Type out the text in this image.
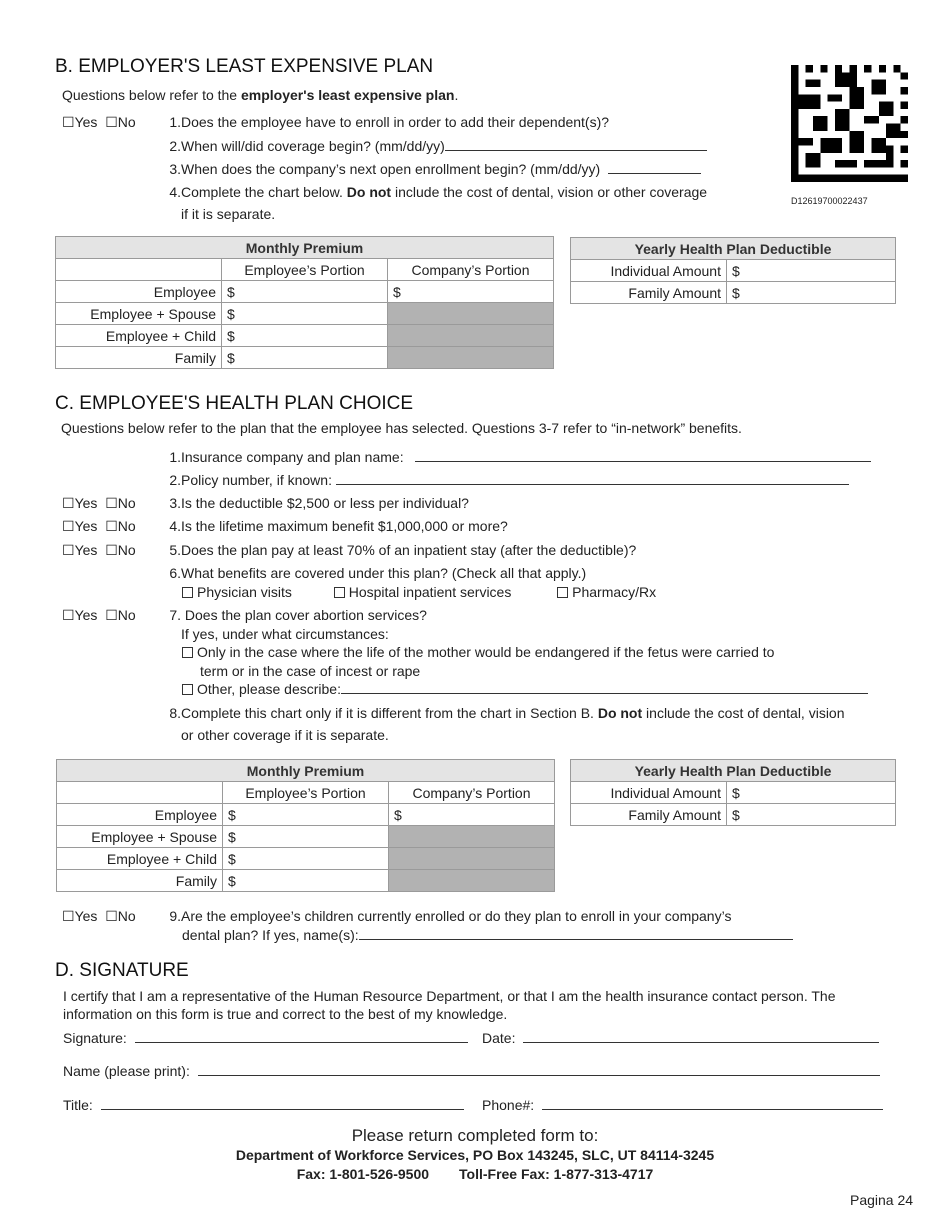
B. EMPLOYER'S LEAST EXPENSIVE PLAN
Questions below refer to the employer's least expensive plan.
D12619700022437
☐Yes ☐No 1.Does the employee have to enroll in order to add their dependent(s)?
2.When will/did coverage begin? (mm/dd/yy)
3.When does the company’s next open enrollment begin? (mm/dd/yy)
4.Complete the chart below. Do not include the cost of dental, vision or other coverage
if it is separate.
Monthly Premium		
	Employee’s Portion	Company’s Portion
Employee	$	$
Employee + Spouse	$	
Employee + Child	$	
Family	$	
Yearly Health Plan Deductible	
Individual Amount	$
Family Amount	$
C. EMPLOYEE'S HEALTH PLAN CHOICE
Questions below refer to the plan that the employee has selected. Questions 3-7 refer to “in-network” benefits.
1.Insurance company and plan name:
2.Policy number, if known:
☐Yes ☐No 3.Is the deductible $2,500 or less per individual?
☐Yes ☐No 4.Is the lifetime maximum benefit $1,000,000 or more?
☐Yes ☐No 5.Does the plan pay at least 70% of an inpatient stay (after the deductible)?
6.What benefits are covered under this plan? (Check all that apply.)
Physician visits	Hospital inpatient services	Pharmacy/Rx
☐Yes ☐No 7. Does the plan cover abortion services?
If yes, under what circumstances:
Only in the case where the life of the mother would be endangered if the fetus were carried to
term or in the case of incest or rape
Other, please describe:
8.Complete this chart only if it is different from the chart in Section B. Do not include the cost of dental, vision
or other coverage if it is separate.
Monthly Premium		
	Employee’s Portion	Company’s Portion
Employee	$	$
Employee + Spouse	$	
Employee + Child	$	
Family	$	
Yearly Health Plan Deductible	
Individual Amount	$
Family Amount	$
☐Yes ☐No 9.Are the employee’s children currently enrolled or do they plan to enroll in your company’s
dental plan? If yes, name(s):
D. SIGNATURE
I certify that I am a representative of the Human Resource Department, or that I am the health insurance contact person. The
information on this form is true and correct to the best of my knowledge.
Signature:	Date:
Name (please print):
Title:	Phone#:
Please return completed form to:
Department of Workforce Services, PO Box 143245, SLC, UT 84114-3245
Fax: 1-801-526-9500 Toll-Free Fax: 1-877-313-4717
Pagina 24
